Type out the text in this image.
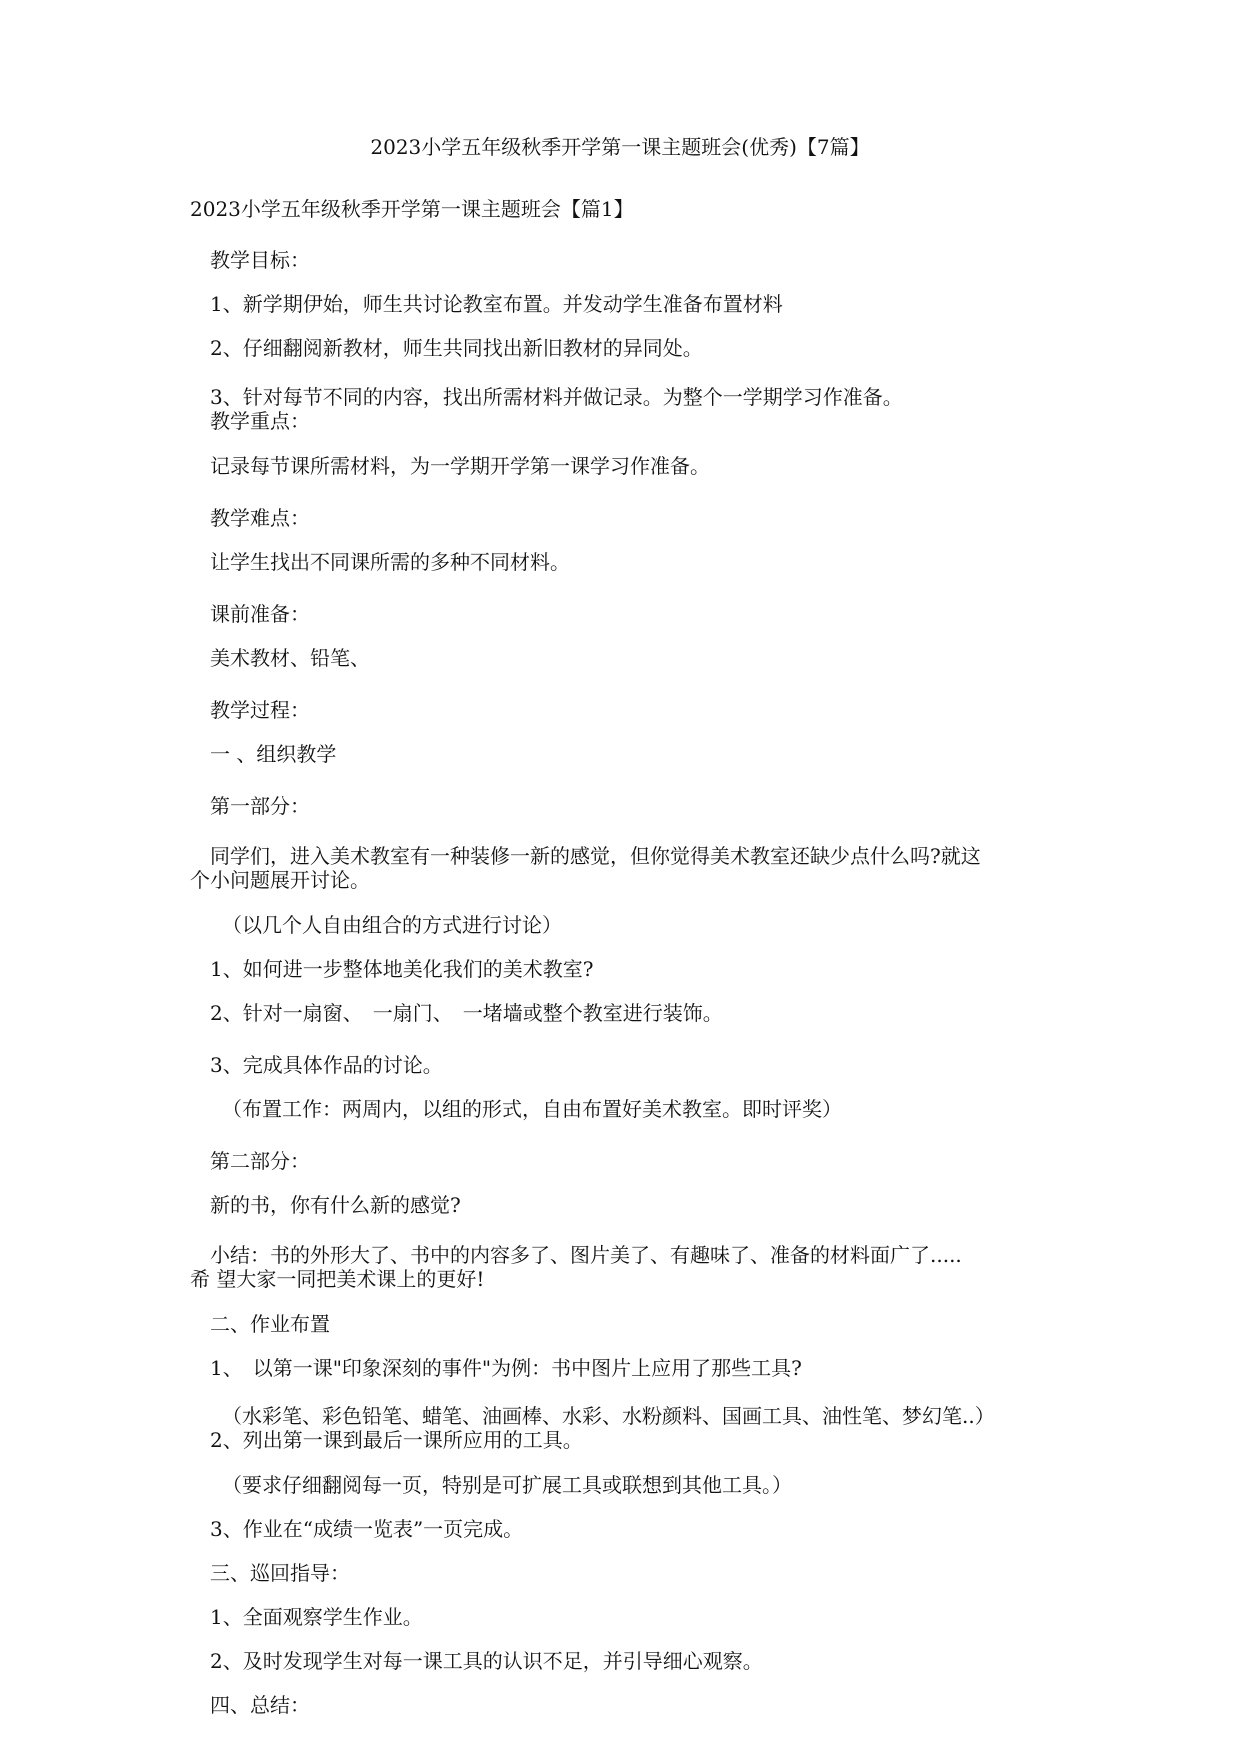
2023小学五年级秋季开学第一课主题班会(优秀)【7篇】
2023小学五年级秋季开学第一课主题班会【篇1】
教学目标：
1、新学期伊始，师生共讨论教室布置。并发动学生准备布置材料
2、仔细翻阅新教材，师生共同找出新旧教材的异同处。
3、针对每节不同的内容，找出所需材料并做记录。为整个一学期学习作准备。
教学重点：
记录每节课所需材料，为一学期开学第一课学习作准备。
教学难点：
让学生找出不同课所需的多种不同材料。
课前准备：
美术教材、铅笔、
教学过程：
一 、组织教学
第一部分：
同学们，进入美术教室有一种装修一新的感觉，但你觉得美术教室还缺少点什么吗?就这
个小问题展开讨论。
（以几个人自由组合的方式进行讨论）
1、如何进一步整体地美化我们的美术教室?
2、针对一扇窗、　一扇门、　一堵墙或整个教室进行装饰。
3、完成具体作品的讨论。
（布置工作：两周内，以组的形式，自由布置好美术教室。即时评奖）
第二部分：
新的书，你有什么新的感觉?
小结：书的外形大了、书中的内容多了、图片美了、有趣味了、准备的材料面广了.....
希 望大家一同把美术课上的更好!
二、作业布置
1、　以第一课"印象深刻的事件"为例：书中图片上应用了那些工具?
（水彩笔、彩色铅笔、蜡笔、油画棒、水彩、水粉颜料、国画工具、油性笔、梦幻笔..）
2、列出第一课到最后一课所应用的工具。
（要求仔细翻阅每一页，特别是可扩展工具或联想到其他工具。）
3、作业在“成绩一览表”一页完成。
三、巡回指导：
1、全面观察学生作业。
2、及时发现学生对每一课工具的认识不足，并引导细心观察。
四、总结：
